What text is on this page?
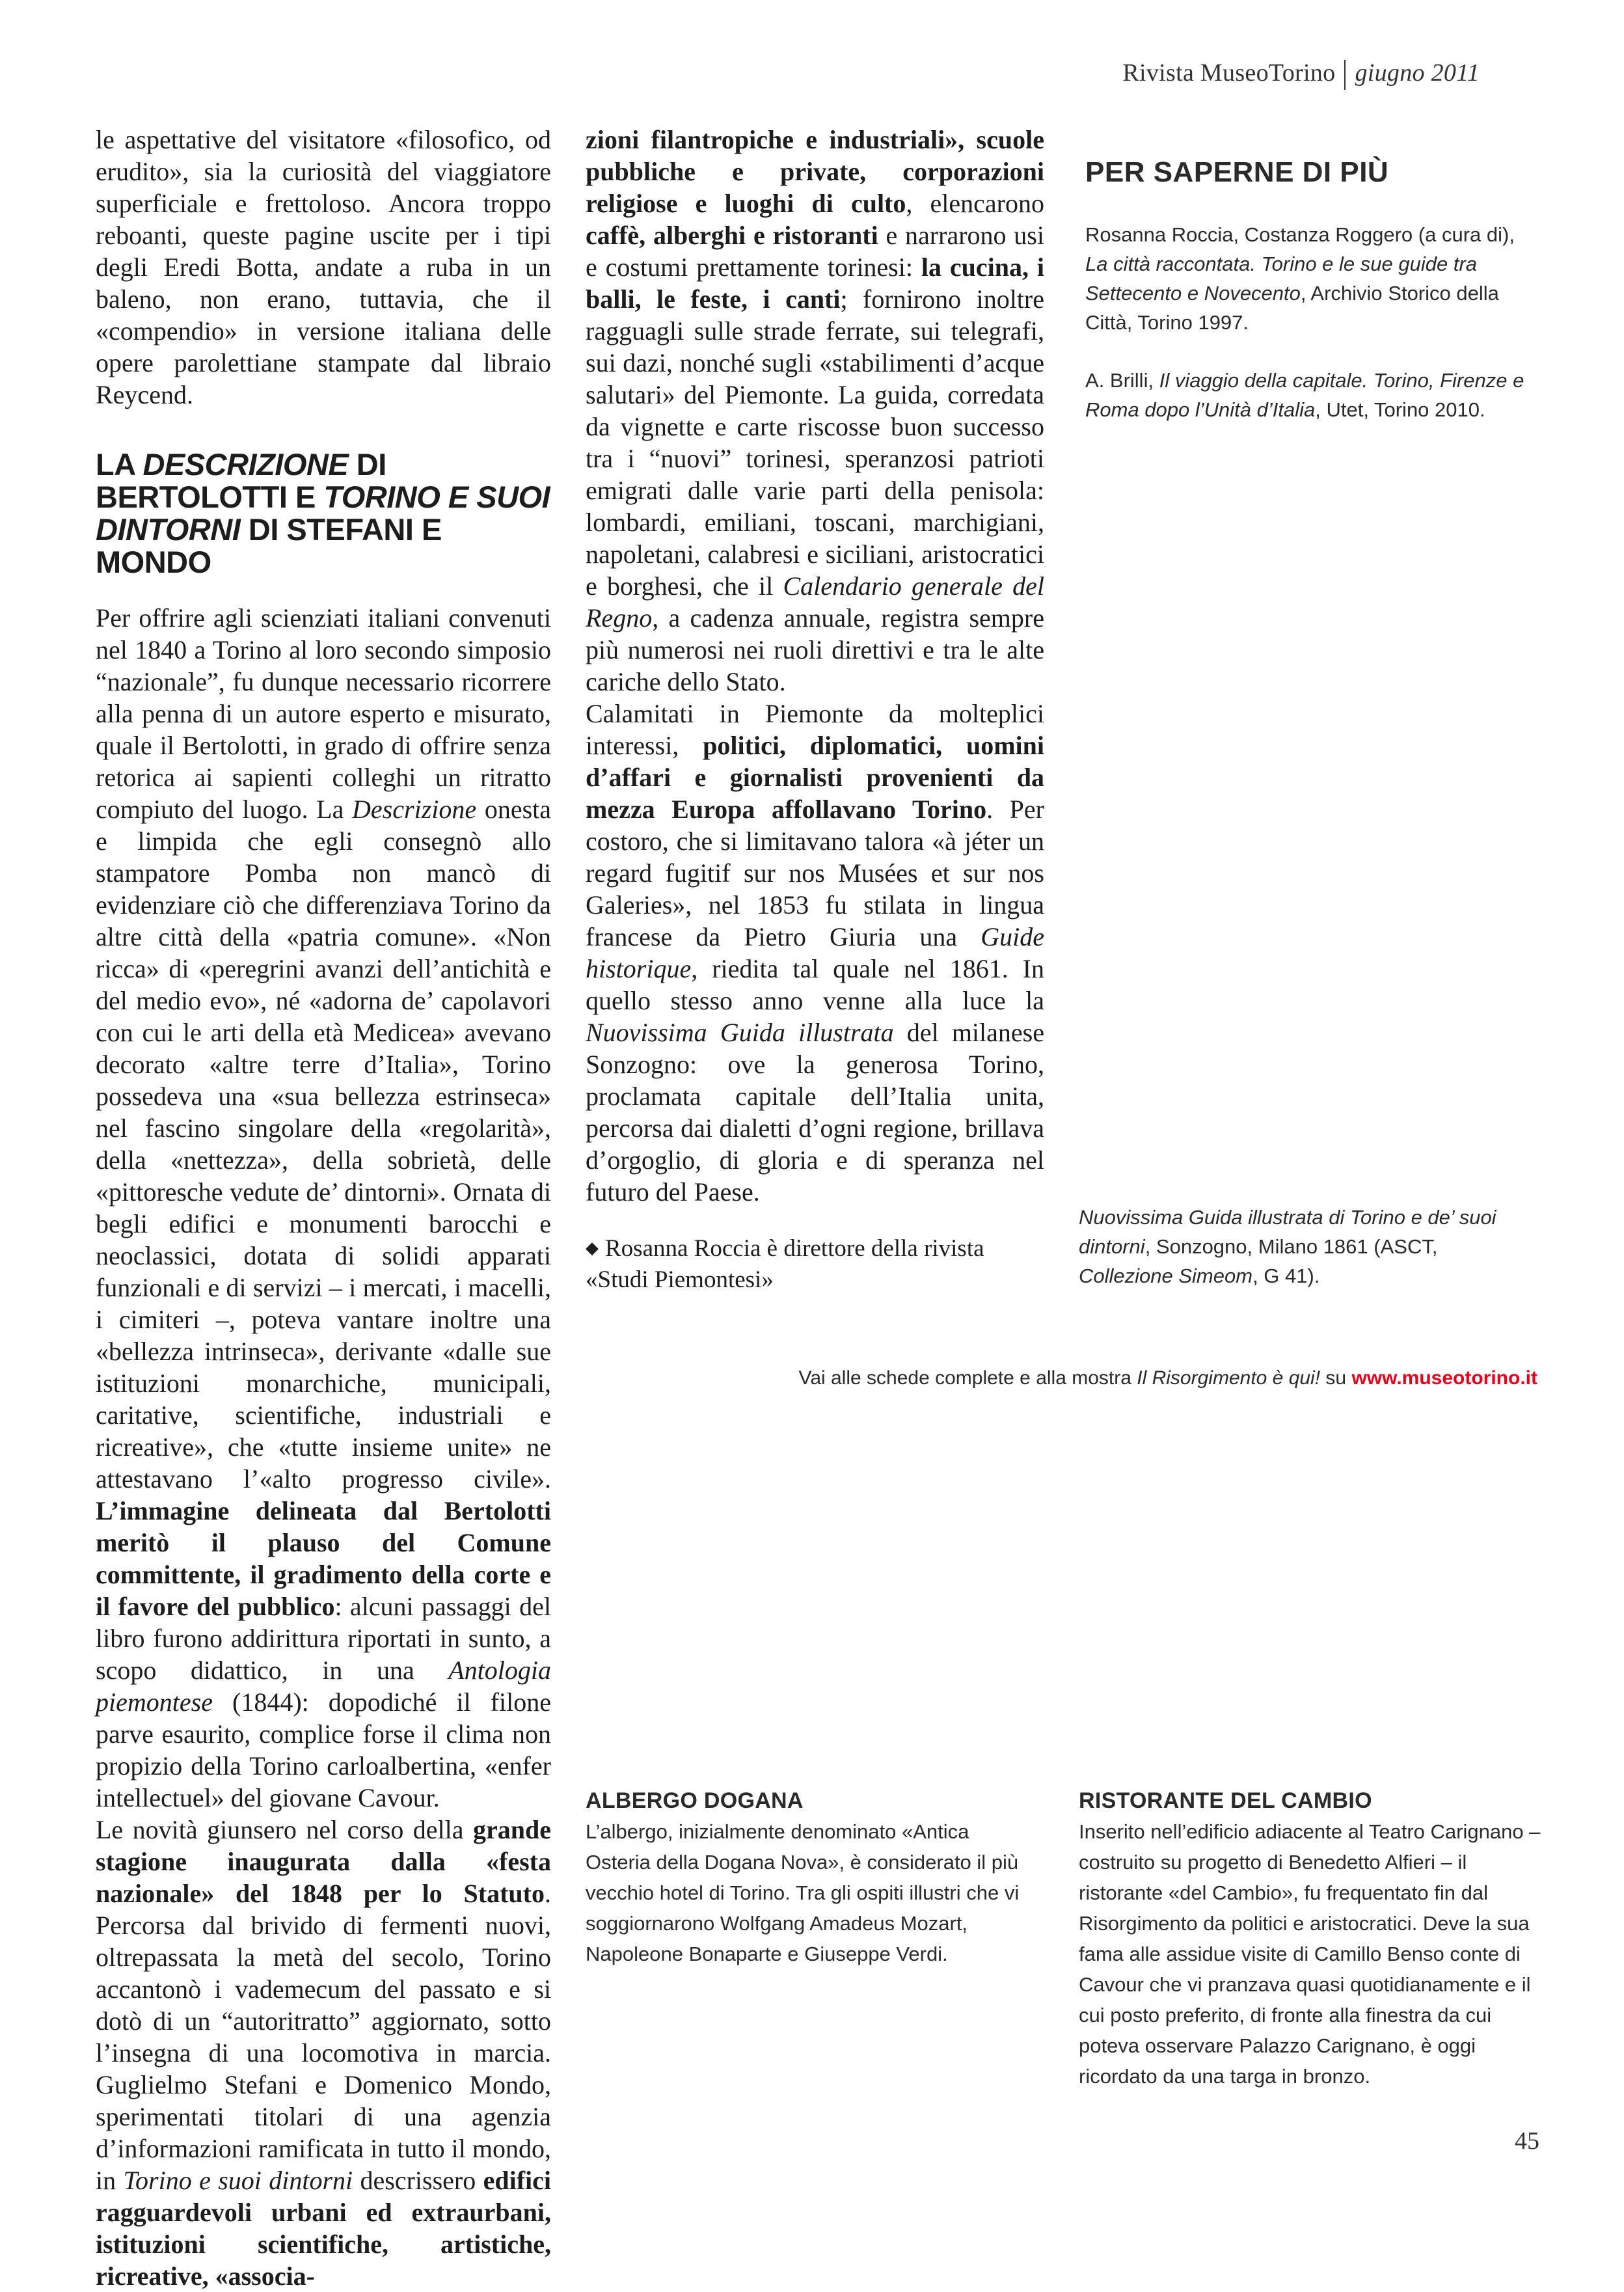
Rivista MuseoTorino giugno 2011

le aspettative del visitatore «filosofico, od erudito», sia la curiosità del viaggiatore superficiale e frettoloso. Ancora troppo reboanti, queste pagine uscite per i tipi degli Eredi Botta, andate a ruba in un baleno, non erano, tuttavia, che il «compendio» in versione italiana delle opere parolettiane stampate dal libraio Reycend.

LA DESCRIZIONE DI BERTOLOTTI E TORINO E SUOI DINTORNI DI STEFANI E MONDO

Per offrire agli scienziati italiani convenuti nel 1840 a Torino al loro secondo simposio “nazionale”, fu dunque necessario ricorrere alla penna di un autore esperto e misurato, quale il Bertolotti, in grado di offrire senza retorica ai sapienti colleghi un ritratto compiuto del luogo. La Descrizione onesta e limpida che egli consegnò allo stampatore Pomba non mancò di evidenziare ciò che differenziava Torino da altre città della «patria comune». «Non ricca» di «peregrini avanzi dell’antichità e del medio evo», né «adorna de’ capolavori con cui le arti della età Medicea» avevano decorato «altre terre d’Italia», Torino possedeva una «sua bellezza estrinseca» nel fascino singolare della «regolarità», della «nettezza», della sobrietà, delle «pittoresche vedute de’ dintorni». Ornata di begli edifici e monumenti barocchi e neoclassici, dotata di solidi apparati funzionali e di servizi – i mercati, i macelli, i cimiteri –, poteva vantare inoltre una «bellezza intrinseca», derivante «dalle sue istituzioni monarchiche, municipali, caritative, scientifiche, industriali e ricreative», che «tutte insieme unite» ne attestavano l’«alto progresso civile». L’immagine delineata dal Bertolotti meritò il plauso del Comune committente, il gradimento della corte e il favore del pubblico: alcuni passaggi del libro furono addirittura riportati in sunto, a scopo didattico, in una Antologia piemontese (1844): dopodiché il filone parve esaurito, complice forse il clima non propizio della Torino carloalbertina, «enfer intellectuel» del giovane Cavour.

Le novità giunsero nel corso della grande stagione inaugurata dalla «festa nazionale» del 1848 per lo Statuto. Percorsa dal brivido di fermenti nuovi, oltrepassata la metà del secolo, Torino accantonò i vademecum del passato e si dotò di un “autoritratto” aggiornato, sotto l’insegna di una locomotiva in marcia. Guglielmo Stefani e Domenico Mondo, sperimentati titolari di una agenzia d’informazioni ramificata in tutto il mondo, in Torino e suoi dintorni descrissero edifici ragguardevoli urbani ed extraurbani, istituzioni scientifiche, artistiche, ricreative, «associa-

zioni filantropiche e industriali», scuole pubbliche e private, corporazioni religiose e luoghi di culto, elencarono caffè, alberghi e ristoranti e narrarono usi e costumi prettamente torinesi: la cucina, i balli, le feste, i canti; fornirono inoltre ragguagli sulle strade ferrate, sui telegrafi, sui dazi, nonché sugli «stabilimenti d’acque salutari» del Piemonte. La guida, corredata da vignette e carte riscosse buon successo tra i “nuovi” torinesi, speranzosi patrioti emigrati dalle varie parti della penisola: lombardi, emiliani, toscani, marchigiani, napoletani, calabresi e siciliani, aristocratici e borghesi, che il Calendario generale del Regno, a cadenza annuale, registra sempre più numerosi nei ruoli direttivi e tra le alte cariche dello Stato.

Calamitati in Piemonte da molteplici interessi, politici, diplomatici, uomini d’affari e giornalisti provenienti da mezza Europa affollavano Torino. Per costoro, che si limitavano talora «à jéter un regard fugitif sur nos Musées et sur nos Galeries», nel 1853 fu stilata in lingua francese da Pietro Giuria una Guide historique, riedita tal quale nel 1861. In quello stesso anno venne alla luce la Nuovissima Guida illustrata del milanese Sonzogno: ove la generosa Torino, proclamata capitale dell’Italia unita, percorsa dai dialetti d’ogni regione, brillava d’orgoglio, di gloria e di speranza nel futuro del Paese.

◆ Rosanna Roccia è direttore della rivista «Studi Piemontesi»

PER SAPERNE DI PIÙ

Rosanna Roccia, Costanza Roggero (a cura di), La città raccontata. Torino e le sue guide tra Settecento e Novecento, Archivio Storico della Città, Torino 1997.

A. Brilli, Il viaggio della capitale. Torino, Firenze e Roma dopo l’Unità d’Italia, Utet, Torino 2010.

Nuovissima Guida illustrata di Torino e de’ suoi dintorni, Sonzogno, Milano 1861 (ASCT, Collezione Simeom, G 41).
Vai alle schede complete e alla mostra Il Risorgimento è qui! su www.museotorino.it
ALBERGO DOGANA
L’albergo, inizialmente denominato «Antica Osteria della Dogana Nova», è considerato il più vecchio hotel di Torino. Tra gli ospiti illustri che vi soggiornarono Wolfgang Amadeus Mozart, Napoleone Bonaparte e Giuseppe Verdi.
RISTORANTE DEL CAMBIO
Inserito nell’edificio adiacente al Teatro Carignano – costruito su progetto di Benedetto Alfieri – il ristorante «del Cambio», fu frequentato fin dal Risorgimento da politici e aristocratici. Deve la sua fama alle assidue visite di Camillo Benso conte di Cavour che vi pranzava quasi quotidianamente e il cui posto preferito, di fronte alla finestra da cui poteva osservare Palazzo Carignano, è oggi ricordato da una targa in bronzo.
45
